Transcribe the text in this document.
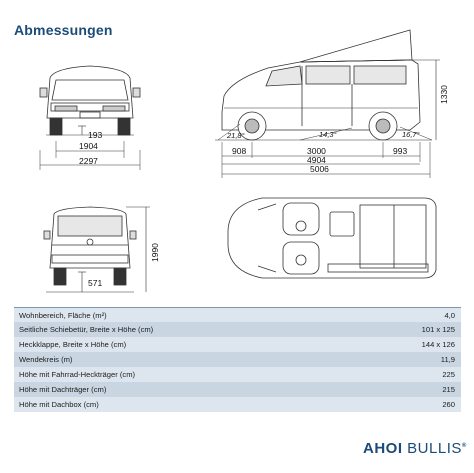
Abmessungen
193
1904
2297
1330
21,8°	14,3°	16,7°
908	3000	993
4904
5006
1990
571
Wohnbereich, Fläche (m²)	4,0
Seitliche Schiebetür, Breite x Höhe (cm)	101 x 125
Heckklappe, Breite x Höhe (cm)	144 x 126
Wendekreis (m)	11,9
Höhe mit Fahrrad-Heckträger (cm)	225
Höhe mit Dachträger (cm)	215
Höhe mit Dachbox (cm)	260
AHOI BULLIS®
